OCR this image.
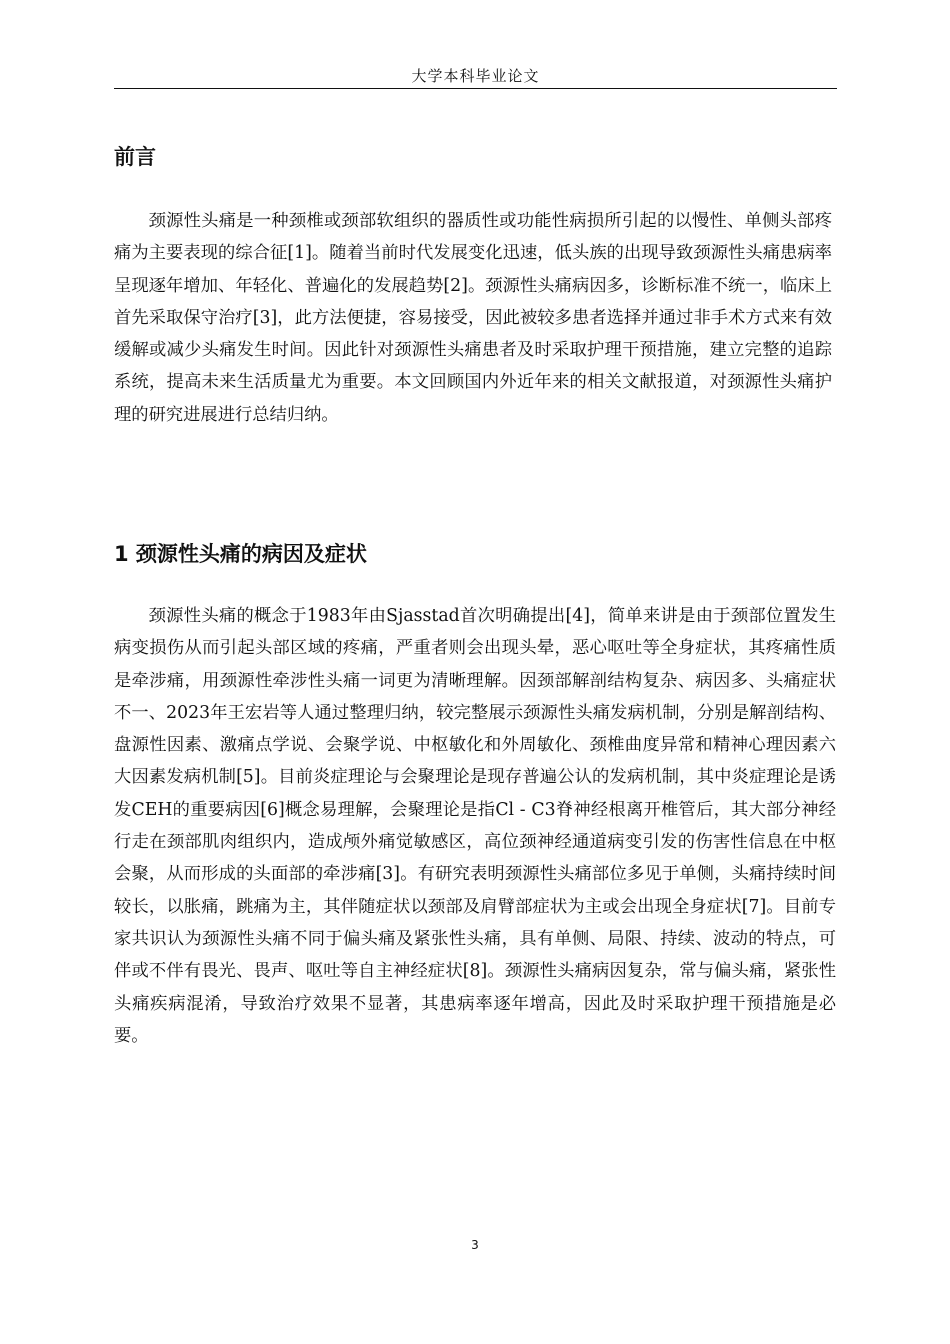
大学本科毕业论文
前言

颈源性头痛是一种颈椎或颈部软组织的器质性或功能性病损所引起的以慢性、单侧头部疼痛为主要表现的综合征[1]。随着当前时代发展变化迅速，低头族的出现导致颈源性头痛患病率呈现逐年增加、年轻化、普遍化的发展趋势[2]。颈源性头痛病因多，诊断标准不统一，临床上首先采取保守治疗[3]，此方法便捷，容易接受，因此被较多患者选择并通过非手术方式来有效缓解或减少头痛发生时间。因此针对颈源性头痛患者及时采取护理干预措施，建立完整的追踪系统，提高未来生活质量尤为重要。本文回顾国内外近年来的相关文献报道，对颈源性头痛护理的研究进展进行总结归纳。

1 颈源性头痛的病因及症状

颈源性头痛的概念于1983年由Sjasstad首次明确提出[4]，简单来讲是由于颈部位置发生病变损伤从而引起头部区域的疼痛，严重者则会出现头晕，恶心呕吐等全身症状，其疼痛性质是牵涉痛，用颈源性牵涉性头痛一词更为清晰理解。因颈部解剖结构复杂、病因多、头痛症状不一、2023年王宏岩等人通过整理归纳，较完整展示颈源性头痛发病机制，分别是解剖结构、盘源性因素、激痛点学说、会聚学说、中枢敏化和外周敏化、颈椎曲度异常和精神心理因素六大因素发病机制[5]。目前炎症理论与会聚理论是现存普遍公认的发病机制，其中炎症理论是诱发CEH的重要病因[6]概念易理解，会聚理论是指Cl - C3脊神经根离开椎管后，其大部分神经行走在颈部肌肉组织内，造成颅外痛觉敏感区，高位颈神经通道病变引发的伤害性信息在中枢会聚，从而形成的头面部的牵涉痛[3]。有研究表明颈源性头痛部位多见于单侧，头痛持续时间较长，以胀痛，跳痛为主，其伴随症状以颈部及肩臂部症状为主或会出现全身症状[7]。目前专家共识认为颈源性头痛不同于偏头痛及紧张性头痛，具有单侧、局限、持续、波动的特点，可伴或不伴有畏光、畏声、呕吐等自主神经症状[8]。颈源性头痛病因复杂，常与偏头痛，紧张性头痛疾病混淆，导致治疗效果不显著，其患病率逐年增高，因此及时采取护理干预措施是必要。

3
